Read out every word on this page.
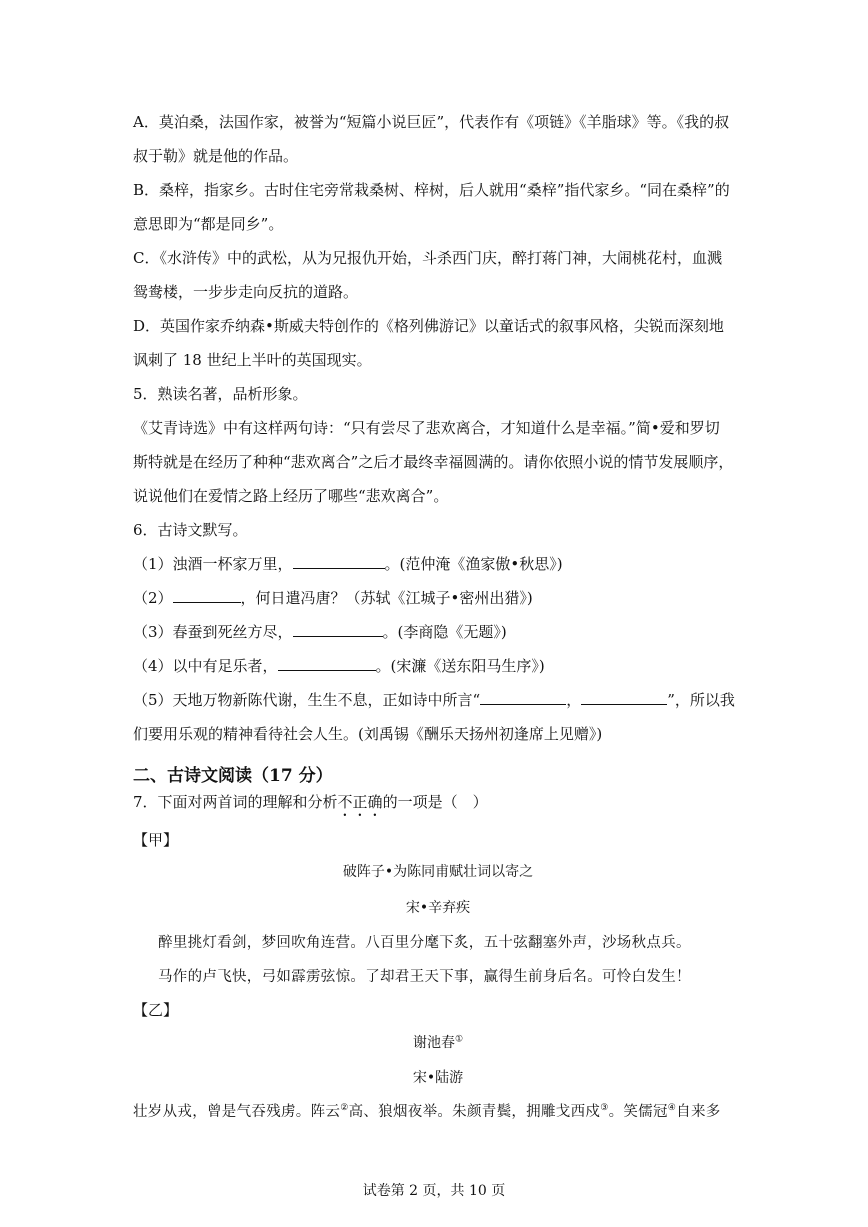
A．莫泊桑，法国作家，被誉为“短篇小说巨匠”，代表作有《项链》《羊脂球》等。《我的叔
叔于勒》就是他的作品。
B．桑梓，指家乡。古时住宅旁常栽桑树、梓树，后人就用“桑梓”指代家乡。“同在桑梓”的
意思即为“都是同乡”。
C．《水浒传》中的武松，从为兄报仇开始，斗杀西门庆，醉打蒋门神，大闹桃花村，血溅
鸳鸯楼，一步步走向反抗的道路。
D．英国作家乔纳森•斯威夫特创作的《格列佛游记》以童话式的叙事风格，尖锐而深刻地
讽刺了 18 世纪上半叶的英国现实。
5．熟读名著，品析形象。
《艾青诗选》中有这样两句诗：“只有尝尽了悲欢离合，才知道什么是幸福。”简•爱和罗切
斯特就是在经历了种种“悲欢离合”之后才最终幸福圆满的。请你依照小说的情节发展顺序，
说说他们在爱情之路上经历了哪些“悲欢离合”。
6．古诗文默写。
（1）浊酒一杯家万里，	。(范仲淹《渔家傲•秋思》)
（2）	，何日遣冯唐？（苏轼《江城子•密州出猎》)
（3）春蚕到死丝方尽，	。(李商隐《无题》)
（4）以中有足乐者，	。(宋濂《送东阳马生序》)
（5）天地万物新陈代谢，生生不息，正如诗中所言“	，	”，所以我
们要用乐观的精神看待社会人生。(刘禹锡《酬乐天扬州初逢席上见赠》)
二、古诗文阅读（17 分）
7．下面对两首词的理解和分析不正确的一项是（　）
【甲】
破阵子•为陈同甫赋壮词以寄之
宋•辛弃疾
醉里挑灯看剑，梦回吹角连营。八百里分麾下炙，五十弦翻塞外声，沙场秋点兵。
马作的卢飞快，弓如霹雳弦惊。了却君王天下事，赢得生前身后名。可怜白发生！
【乙】
谢池春①
宋•陆游
壮岁从戎，曾是气吞残虏。阵云②高、狼烟夜举。朱颜青鬓，拥雕戈西戍③。笑儒冠④自来多
试卷第 2 页，共 10 页
